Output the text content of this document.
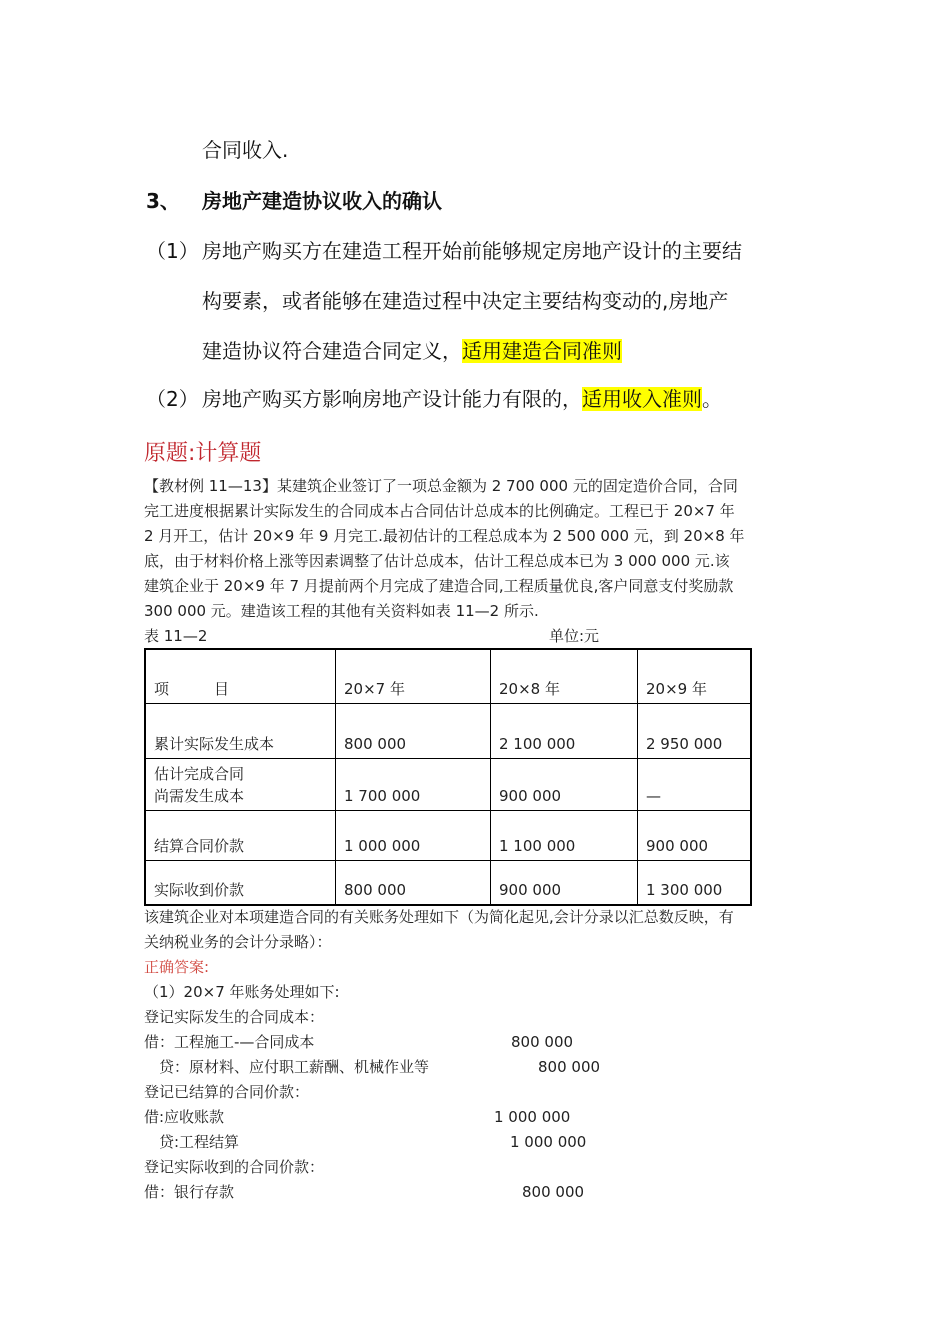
合同收入.
3、 房地产建造协议收入的确认
（1） 房地产购买方在建造工程开始前能够规定房地产设计的主要结
构要素，或者能够在建造过程中决定主要结构变动的,房地产
建造协议符合建造合同定义，适用建造合同准则
（2） 房地产购买方影响房地产设计能力有限的，适用收入准则。
原题:计算题
【教材例 11—13】某建筑企业签订了一项总金额为 2 700 000 元的固定造价合同，合同
完工进度根据累计实际发生的合同成本占合同估计总成本的比例确定。工程已于 20×7 年
2 月开工，估计 20×9 年 9 月完工.最初估计的工程总成本为 2 500 000 元，到 20×8 年
底，由于材料价格上涨等因素调整了估计总成本，估计工程总成本已为 3 000 000 元.该
建筑企业于 20×9 年 7 月提前两个月完成了建造合同,工程质量优良,客户同意支付奖励款
300 000 元。建造该工程的其他有关资料如表 11—2 所示.
表 11—2	单位:元
项　　　目	20×7 年	20×8 年	20×9 年
累计实际发生成本	800 000	2 100 000	2 950 000

估计完成合同
尚需发生成本	1 700 000	900 000	—
结算合同价款	1 000 000	1 100 000	900 000
实际收到价款	800 000	900 000	1 300 000
该建筑企业对本项建造合同的有关账务处理如下（为简化起见,会计分录以汇总数反映，有
关纳税业务的会计分录略）：
正确答案:
（1）20×7 年账务处理如下:
登记实际发生的合同成本：
借：工程施工-—合同成本	800 000
　贷：原材料、应付职工薪酬、机械作业等	800 000
登记已结算的合同价款：
借:应收账款	1 000 000
　贷:工程结算	1 000 000
登记实际收到的合同价款：
借：银行存款	800 000
